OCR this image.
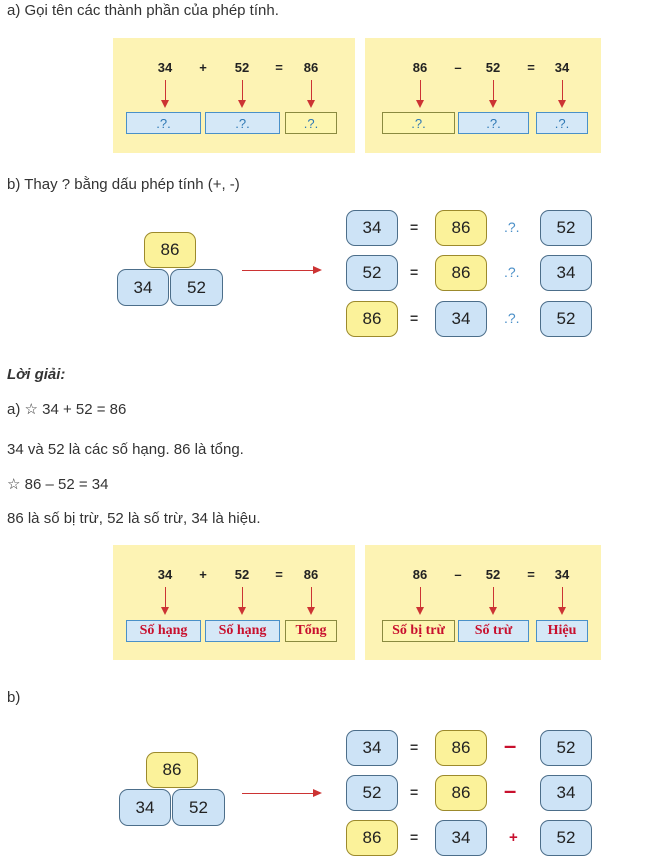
a) Gọi tên các thành phần của phép tính.
34 + 52 = 86
.?.	.?.	.?.
86 – 52 = 34
.?.	.?.	.?.
b) Thay ? bằng dấu phép tính (+, -)
86
34	52
34	=	86	.?.	52
52	=	86	.?.	34
86	=	34	.?.	52
Lời giải:
a) ☆ 34 + 52 = 86
34 và 52 là các số hạng. 86 là tổng.
☆ 86 – 52 = 34
86 là số bị trừ, 52 là số trừ, 34 là hiệu.
34 + 52 = 86
Số hạng	Số hạng	Tổng
86 – 52 = 34
Số bị trừ	Số trừ	Hiệu
b)
86
34	52
34	=	86	–	52
52	=	86	–	34
86	=	34	+	52
